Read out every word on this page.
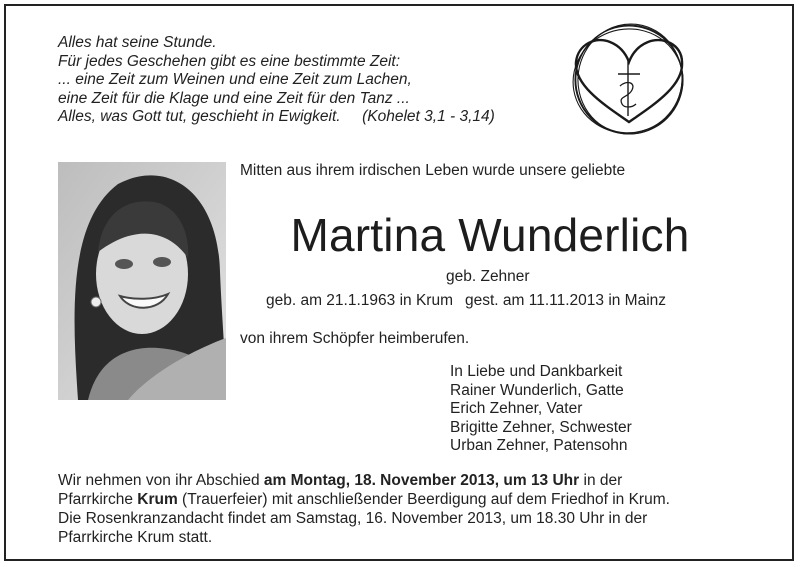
Alles hat seine Stunde.
Für jedes Geschehen gibt es eine bestimmte Zeit:
... eine Zeit zum Weinen und eine Zeit zum Lachen,
eine Zeit für die Klage und eine Zeit für den Tanz ...
Alles, was Gott tut, geschieht in Ewigkeit. (Kohelet 3,1 - 3,14)
Mitten aus ihrem irdischen Leben wurde unsere geliebte
Martina Wunderlich
geb. Zehner
geb. am 21.1.1963 in Krum gest. am 11.11.2013 in Mainz
von ihrem Schöpfer heimberufen.
In Liebe und Dankbarkeit
Rainer Wunderlich, Gatte
Erich Zehner, Vater
Brigitte Zehner, Schwester
Urban Zehner, Patensohn
Wir nehmen von ihr Abschied am Montag, 18. November 2013, um 13 Uhr in der
Pfarrkirche Krum (Trauerfeier) mit anschließender Beerdigung auf dem Friedhof in Krum.
Die Rosenkranzandacht findet am Samstag, 16. November 2013, um 18.30 Uhr in der
Pfarrkirche Krum statt.
